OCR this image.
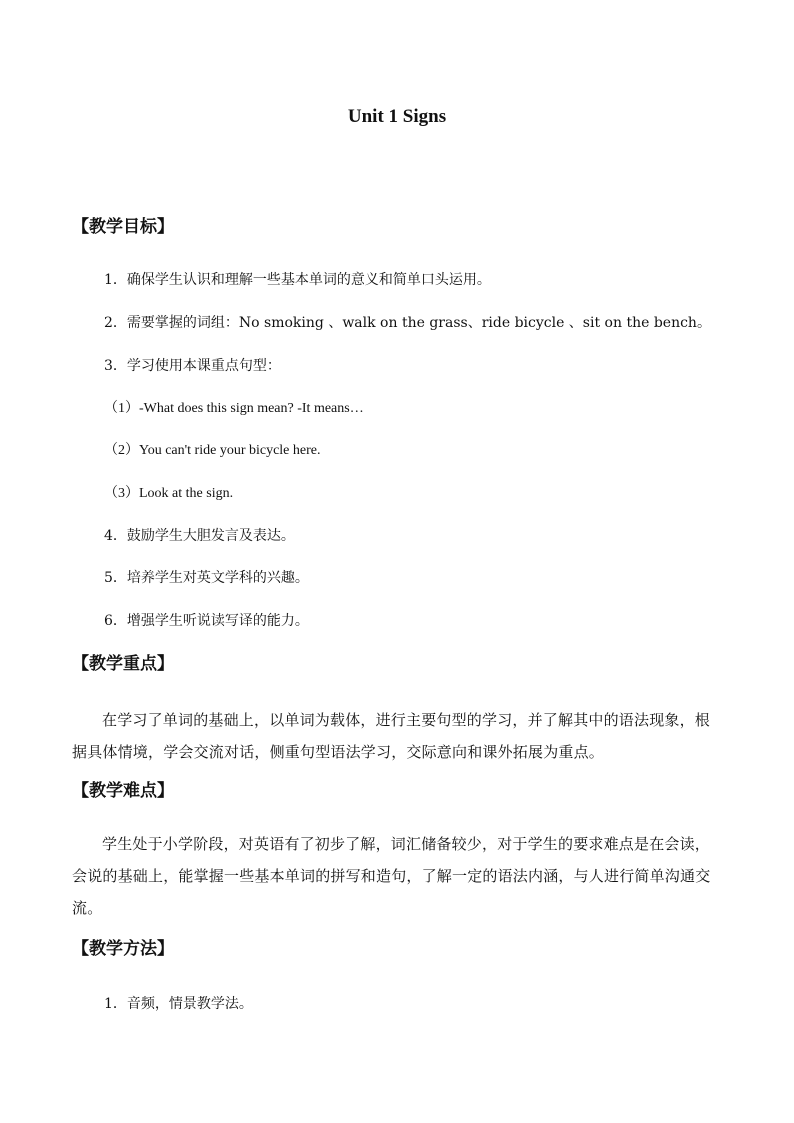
Unit 1 Signs
【教学目标】
1．确保学生认识和理解一些基本单词的意义和简单口头运用。
2．需要掌握的词组：No smoking 、walk on the grass、ride bicycle 、sit on the bench。
3．学习使用本课重点句型：
（1）-What does this sign mean? -It means…
（2）You can't ride your bicycle here.
（3）Look at the sign.
4．鼓励学生大胆发言及表达。
5．培养学生对英文学科的兴趣。
6．增强学生听说读写译的能力。
【教学重点】
在学习了单词的基础上，以单词为载体，进行主要句型的学习，并了解其中的语法现象，根据具体情境，学会交流对话，侧重句型语法学习，交际意向和课外拓展为重点。
【教学难点】
学生处于小学阶段，对英语有了初步了解，词汇储备较少，对于学生的要求难点是在会读，会说的基础上，能掌握一些基本单词的拼写和造句，了解一定的语法内涵，与人进行简单沟通交流。
【教学方法】
1．音频，情景教学法。
